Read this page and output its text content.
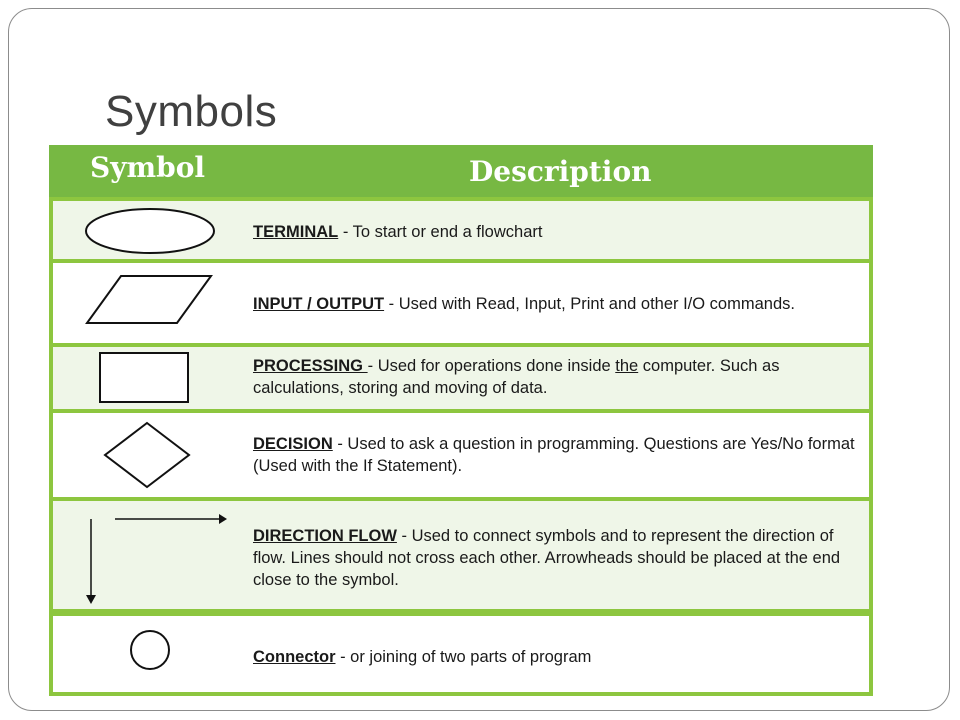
Symbols
Symbol	Description
TERMINAL - To start or end a flowchart
INPUT / OUTPUT - Used with Read, Input, Print and other I/O commands.
PROCESSING - Used for operations done inside the computer. Such as calculations, storing and moving of data.
DECISION - Used to ask a question in programming. Questions are Yes/No format (Used with the If Statement).
DIRECTION FLOW - Used to connect symbols and to represent the direction of flow. Lines should not cross each other. Arrowheads should be placed at the end close to the symbol.
Connector - or joining of two parts of program
